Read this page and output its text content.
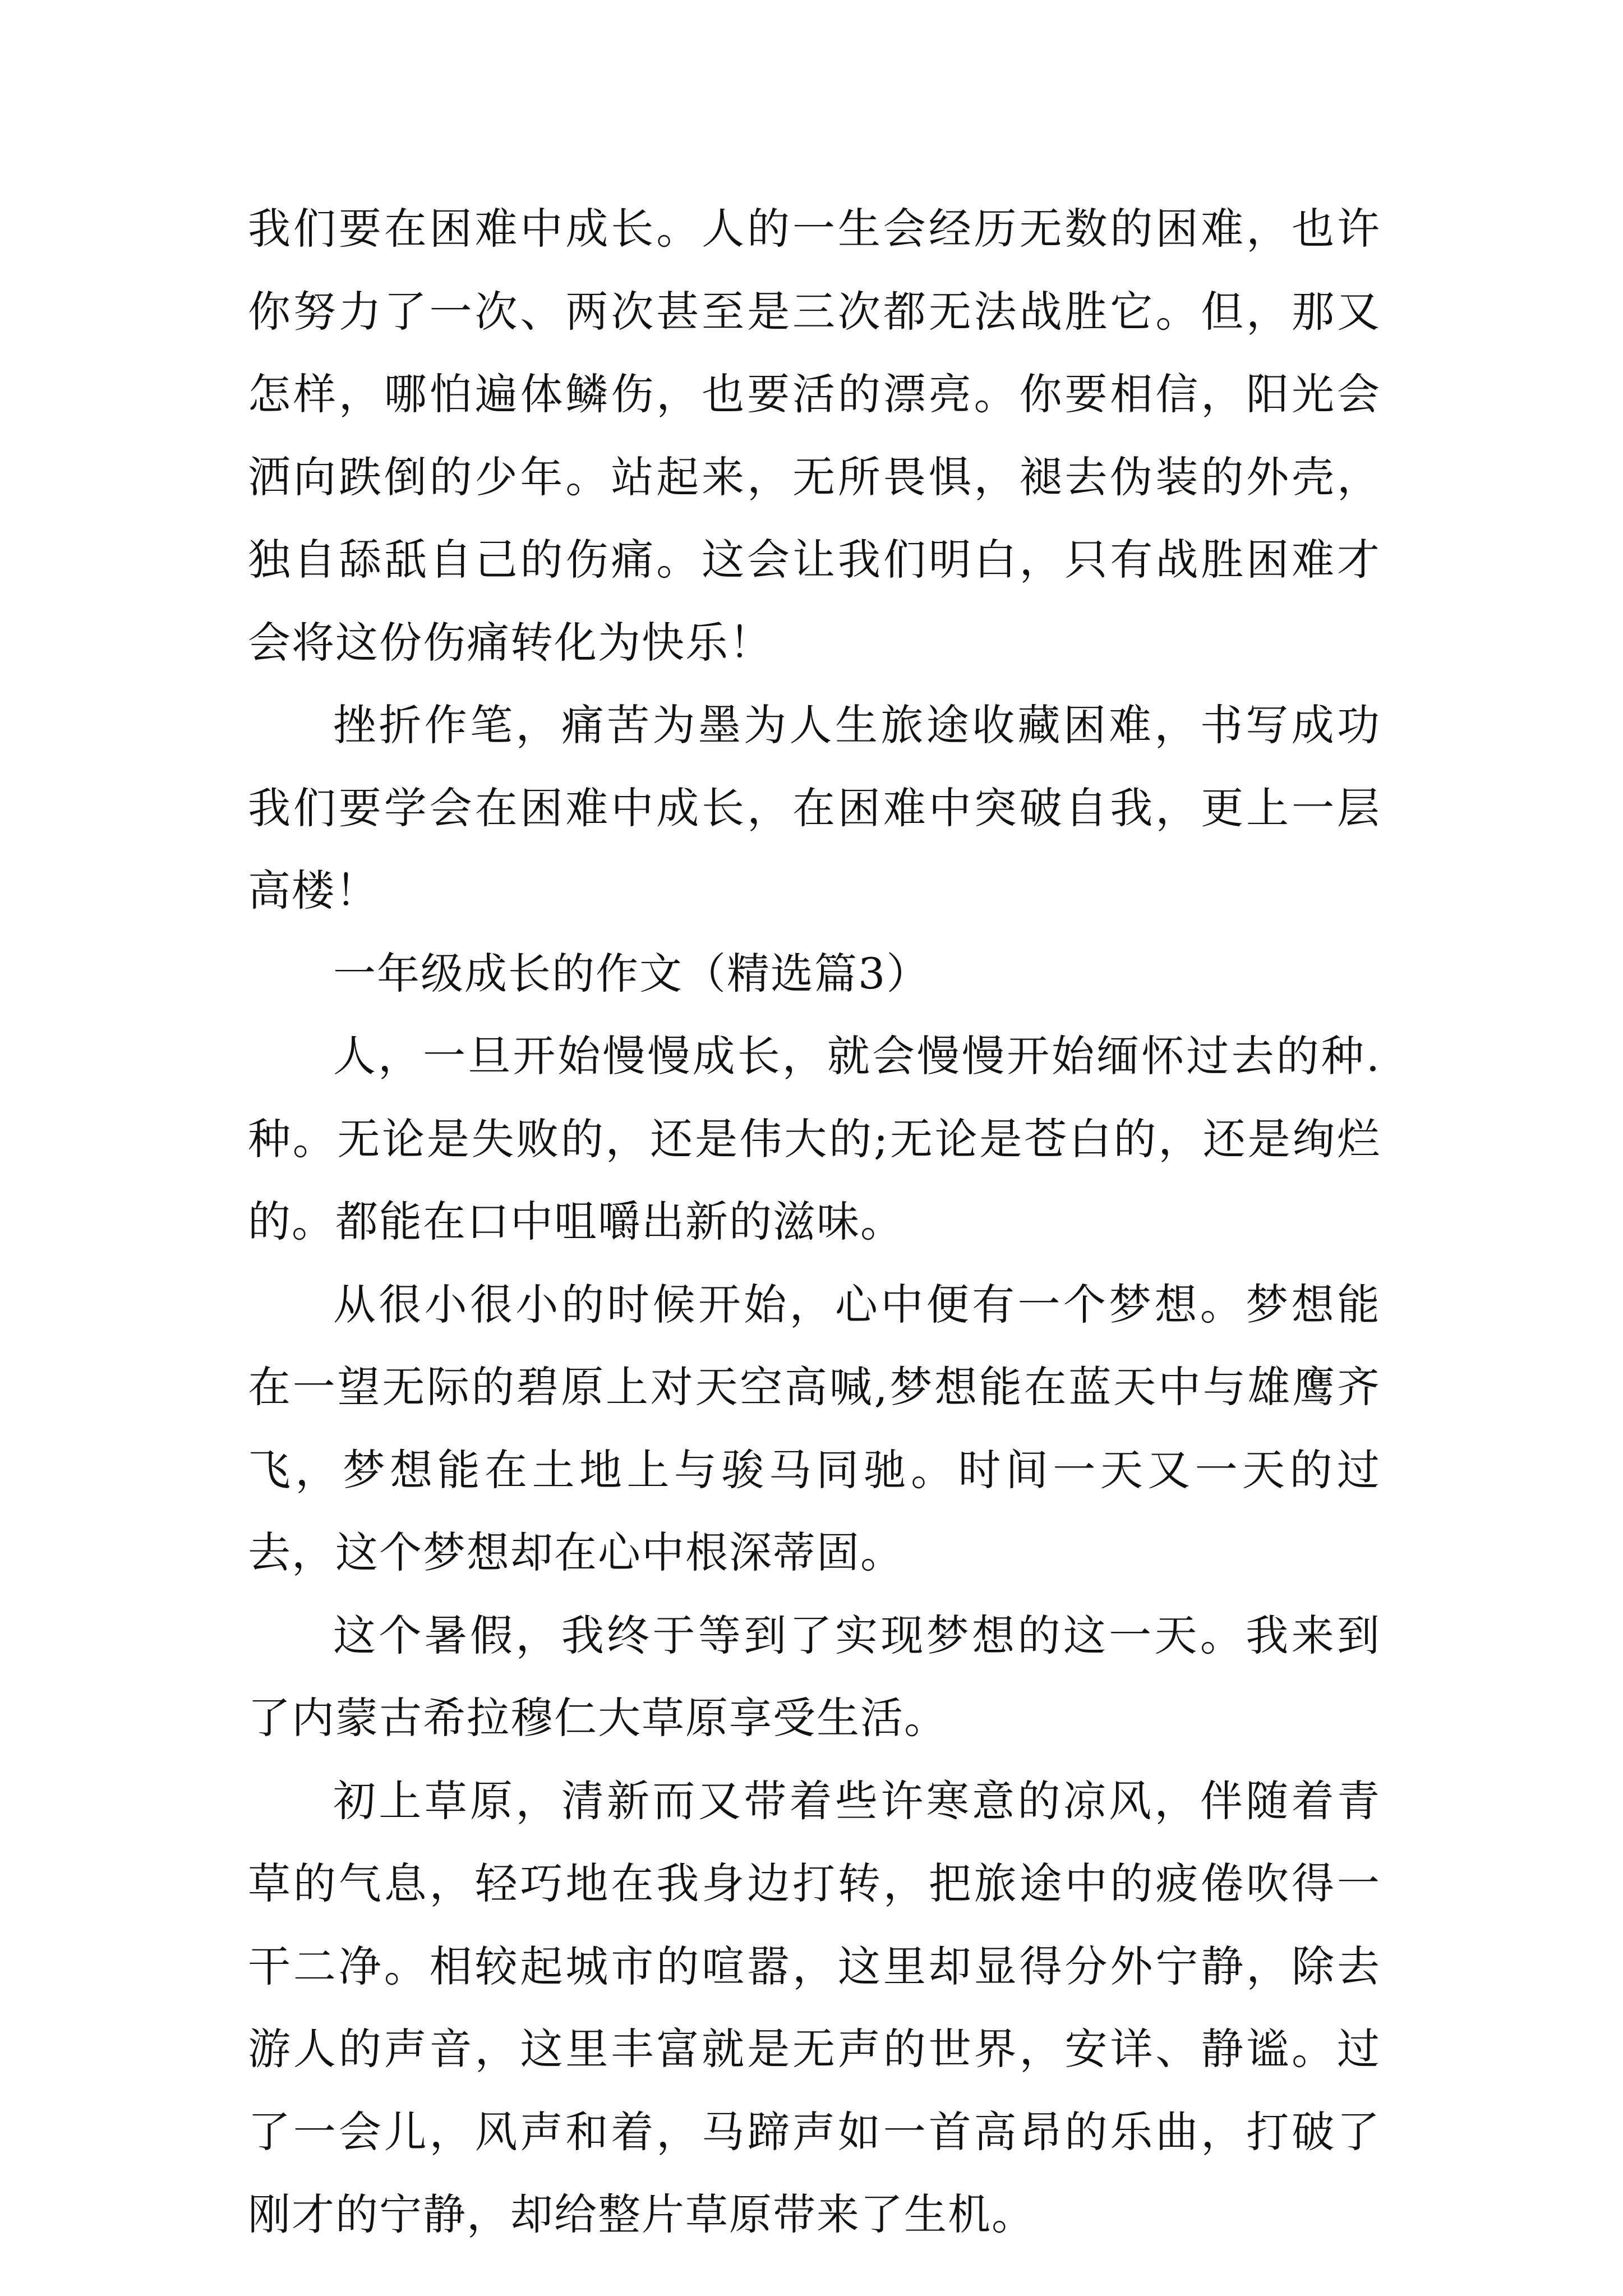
我们要在困难中成长。人的一生会经历无数的困难，也许你努力了一次、两次甚至是三次都无法战胜它。但，那又怎样，哪怕遍体鳞伤，也要活的漂亮。你要相信，阳光会洒向跌倒的少年。站起来，无所畏惧，褪去伪装的外壳，独自舔舐自己的伤痛。这会让我们明白，只有战胜困难才会将这份伤痛转化为快乐！

挫折作笔，痛苦为墨为人生旅途收藏困难，书写成功我们要学会在困难中成长，在困难中突破自我，更上一层高楼！

一年级成长的作文（精选篇3）

人，一旦开始慢慢成长，就会慢慢开始缅怀过去的种.种。无论是失败的，还是伟大的;无论是苍白的，还是绚烂的。都能在口中咀嚼出新的滋味。

从很小很小的时候开始，心中便有一个梦想。梦想能在一望无际的碧原上对天空高喊,梦想能在蓝天中与雄鹰齐飞，梦想能在土地上与骏马同驰。时间一天又一天的过去，这个梦想却在心中根深蒂固。

这个暑假，我终于等到了实现梦想的这一天。我来到了内蒙古希拉穆仁大草原享受生活。

初上草原，清新而又带着些许寒意的凉风，伴随着青草的气息，轻巧地在我身边打转，把旅途中的疲倦吹得一干二净。相较起城市的喧嚣，这里却显得分外宁静，除去游人的声音，这里丰富就是无声的世界，安详、静谧。过了一会儿，风声和着，马蹄声如一首高昂的乐曲，打破了刚才的宁静，却给整片草原带来了生机。
